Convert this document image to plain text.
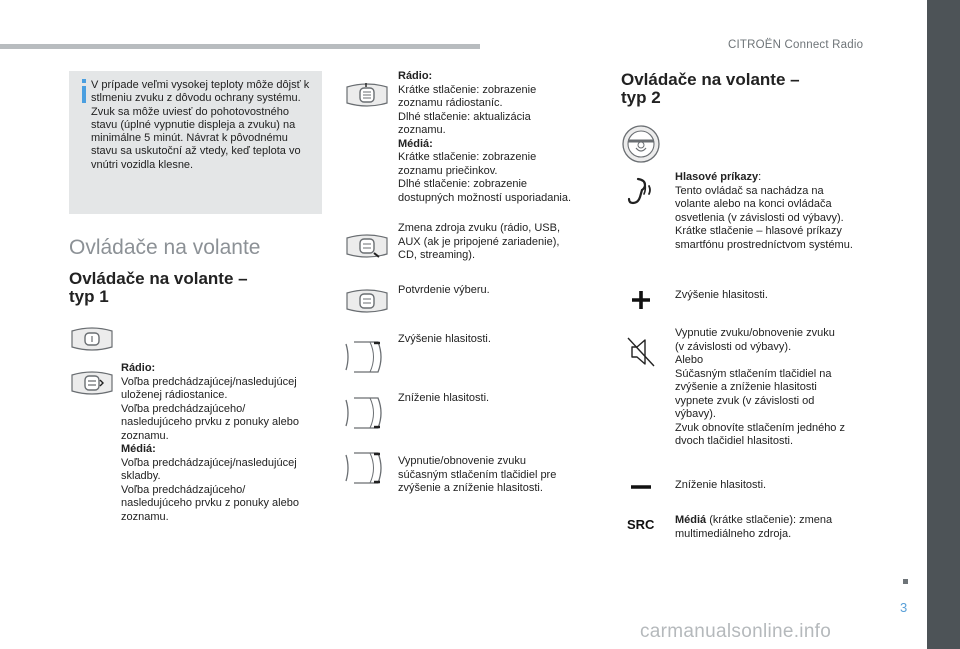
CITROËN Connect Radio
3
carmanualsonline.info
V prípade veľmi vysokej teploty môže dôjsť k stlmeniu zvuku z dôvodu ochrany systému. Zvuk sa môže uviesť do pohotovostného stavu (úplné vypnutie displeja a zvuku) na minimálne 5 minút. Návrat k pôvodnému stavu sa uskutoční až vtedy, keď teplota vo vnútri vozidla klesne.
Ovládače na volante
Ovládače na volante –
typ 1
Rádio:
Voľba predchádzajúcej/nasledujúcej
uloženej rádiostanice.
Voľba predchádzajúceho/
nasledujúceho prvku z ponuky alebo
zoznamu.
Médiá:
Voľba predchádzajúcej/nasledujúcej
skladby.
Voľba predchádzajúceho/
nasledujúceho prvku z ponuky alebo
zoznamu.
Rádio:
Krátke stlačenie: zobrazenie
zoznamu rádiostaníc.
Dlhé stlačenie: aktualizácia
zoznamu.
Médiá:
Krátke stlačenie: zobrazenie
zoznamu priečinkov.
Dlhé stlačenie: zobrazenie
dostupných možností usporiadania.
Zmena zdroja zvuku (rádio, USB,
AUX (ak je pripojené zariadenie),
CD, streaming).
Potvrdenie výberu.
Zvýšenie hlasitosti.
Zníženie hlasitosti.
Vypnutie/obnovenie zvuku
súčasným stlačením tlačidiel pre
zvýšenie a zníženie hlasitosti.
Ovládače na volante –
typ 2
SRC
Hlasové príkazy:
Tento ovládač sa nachádza na
volante alebo na konci ovládača
osvetlenia (v závislosti od výbavy).
Krátke stlačenie – hlasové príkazy
smartfónu prostredníctvom systému.
Zvýšenie hlasitosti.
Vypnutie zvuku/obnovenie zvuku
(v závislosti od výbavy).
Alebo
Súčasným stlačením tlačidiel na
zvýšenie a zníženie hlasitosti
vypnete zvuk (v závislosti od
výbavy).
Zvuk obnovíte stlačením jedného z
dvoch tlačidiel hlasitosti.
Zníženie hlasitosti.
Médiá (krátke stlačenie): zmena
multimediálneho zdroja.
